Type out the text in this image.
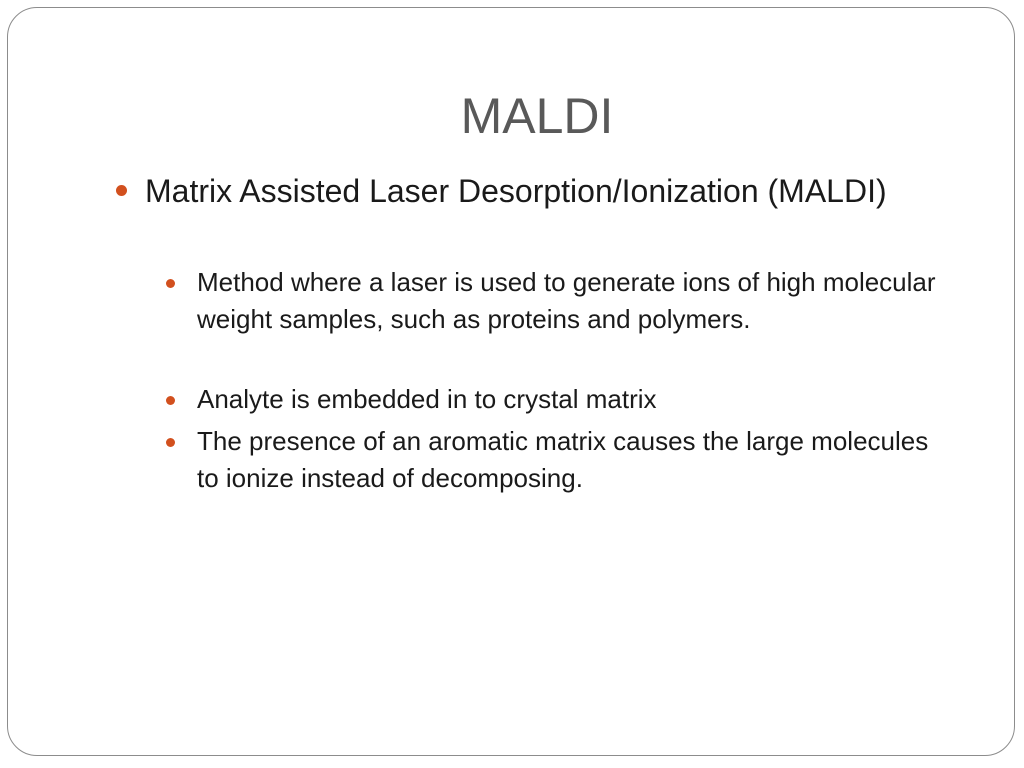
MALDI
Matrix Assisted Laser Desorption/Ionization (MALDI)
Method where a laser is used to generate ions of high molecular weight samples, such as proteins and polymers.
Analyte is embedded in to crystal matrix
The presence of an aromatic matrix causes the large molecules to ionize instead of decomposing.
